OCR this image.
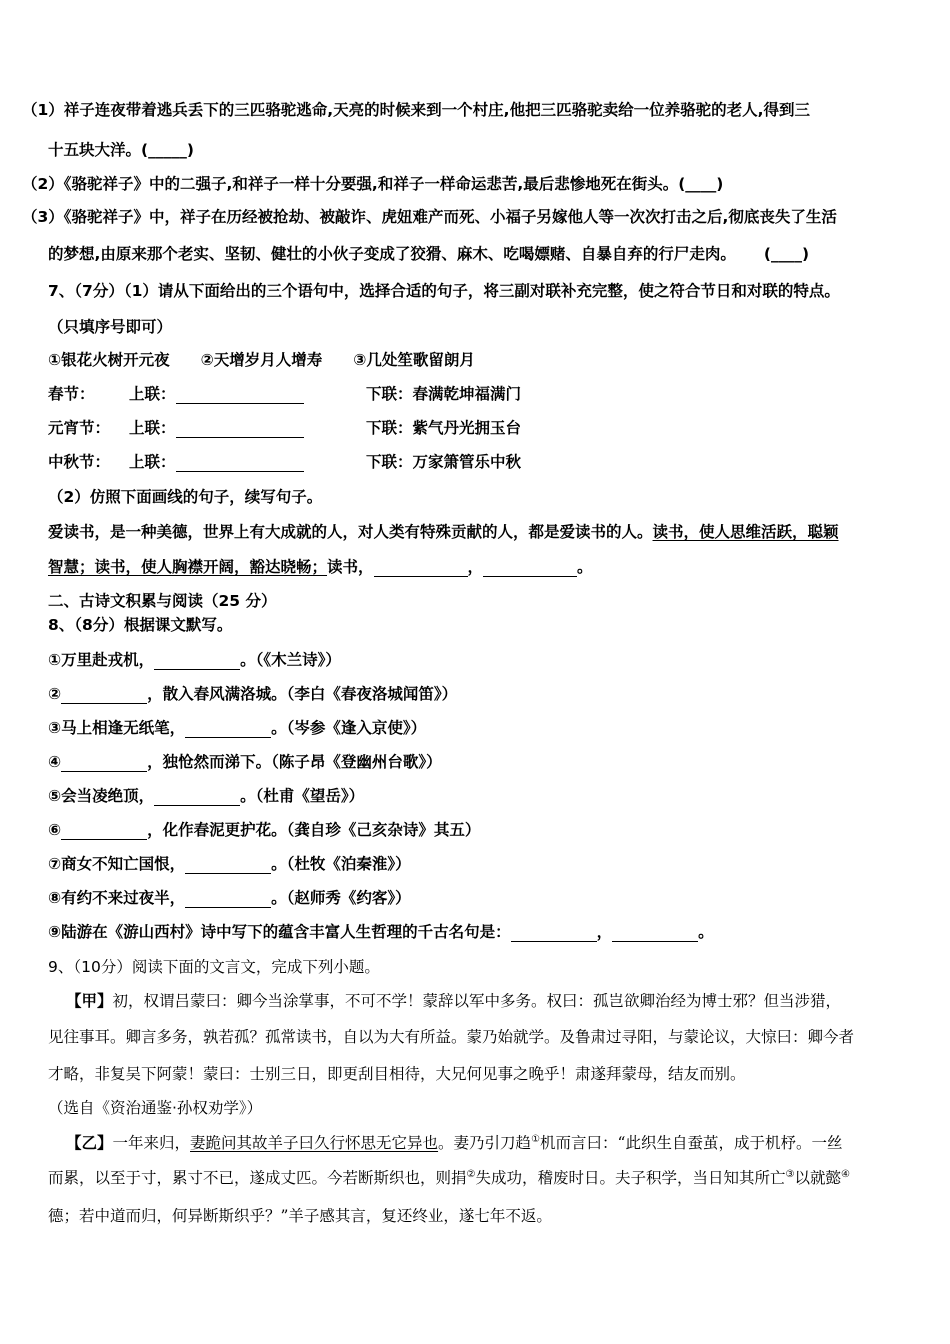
（1）祥子连夜带着逃兵丢下的三匹骆驼逃命,天亮的时候来到一个村庄,他把三匹骆驼卖给一位养骆驼的老人,得到三
十五块大洋。(_____)
（2）《骆驼祥子》中的二强子,和祥子一样十分要强,和祥子一样命运悲苦,最后悲惨地死在街头。(____)
（3）《骆驼祥子》中，祥子在历经被抢劫、被敲诈、虎妞难产而死、小福子另嫁他人等一次次打击之后,彻底丧失了生活
的梦想,由原来那个老实、坚韧、健壮的小伙子变成了狡猾、麻木、吃喝嫖赌、自暴自弃的行尸走肉。 (____)
7、（7分）（1）请从下面给出的三个语句中，选择合适的句子，将三副对联补充完整，使之符合节日和对联的特点。
（只填序号即可）
①银花火树开元夜　　②天增岁月人增寿　　③几处笙歌留朗月
春节： 上联：	下联：春满乾坤福满门
元宵节： 上联：	下联：紫气丹光拥玉台
中秋节： 上联：	下联：万家箫管乐中秋
（2）仿照下面画线的句子，续写句子。
爱读书，是一种美德，世界上有大成就的人，对人类有特殊贡献的人，都是爱读书的人。读书，使人思维活跃，聪颖
智慧；读书，使人胸襟开阔，豁达晓畅；读书，	，	。
二、古诗文积累与阅读（25 分）
8、（8分）根据课文默写。
①万里赴戎机，	。（《木兰诗》）
②	，散入春风满洛城。（李白《春夜洛城闻笛》）
③马上相逢无纸笔，	。（岑参《逢入京使》）
④	，独怆然而涕下。（陈子昂《登幽州台歌》）
⑤会当凌绝顶，	。（杜甫《望岳》）
⑥	，化作春泥更护花。（龚自珍《己亥杂诗》其五）
⑦商女不知亡国恨，	。（杜牧《泊秦淮》）
⑧有约不来过夜半，	。（赵师秀《约客》）
⑨陆游在《游山西村》诗中写下的蕴含丰富人生哲理的千古名句是：	，	。
9、（10分）阅读下面的文言文，完成下列小题。
【甲】初，权谓吕蒙曰：卿今当涂掌事，不可不学！蒙辞以军中多务。权曰：孤岂欲卿治经为博士邪？但当涉猎，
见往事耳。卿言多务，孰若孤？孤常读书，自以为大有所益。蒙乃始就学。及鲁肃过寻阳，与蒙论议，大惊曰：卿今者
才略，非复吴下阿蒙！蒙曰：士别三日，即更刮目相待，大兄何见事之晚乎！肃遂拜蒙母，结友而别。
（选自《资治通鉴·孙权劝学》）
【乙】一年来归，妻跪问其故羊子曰久行怀思无它异也。妻乃引刀趋①机而言曰：“此织生自蚕茧，成于机杼。一丝
而累，以至于寸，累寸不已，遂成丈匹。今若断斯织也，则捐②失成功，稽废时日。夫子积学，当日知其所亡③以就懿④
德；若中道而归，何异断斯织乎？”羊子感其言，复还终业，遂七年不返。
